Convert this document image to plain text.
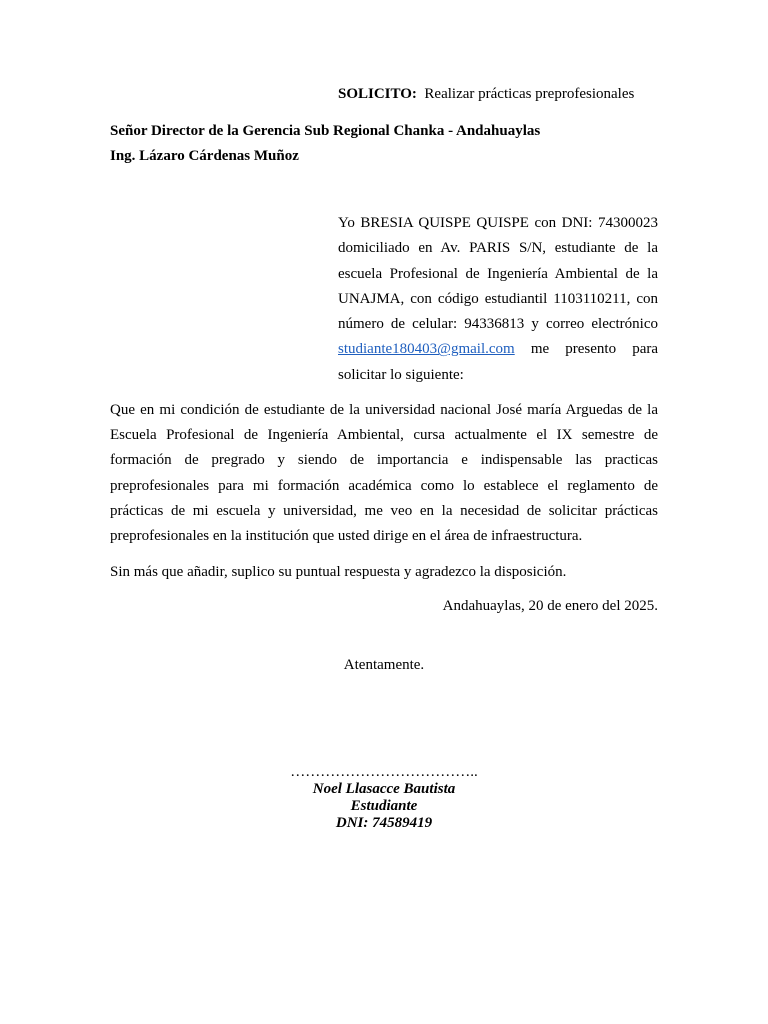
SOLICITO: Realizar prácticas preprofesionales
Señor Director de la Gerencia Sub Regional Chanka - Andahuaylas
Ing. Lázaro Cárdenas Muñoz
Yo BRESIA QUISPE QUISPE con DNI: 74300023 domiciliado en Av. PARIS S/N, estudiante de la escuela Profesional de Ingeniería Ambiental de la UNAJMA, con código estudiantil 1103110211, con número de celular: 94336813 y correo electrónico studiante180403@gmail.com me presento para solicitar lo siguiente:
Que en mi condición de estudiante de la universidad nacional José maría Arguedas de la Escuela Profesional de Ingeniería Ambiental, cursa actualmente el IX semestre de formación de pregrado y siendo de importancia e indispensable las practicas preprofesionales para mi formación académica como lo establece el reglamento de prácticas de mi escuela y universidad, me veo en la necesidad de solicitar prácticas preprofesionales en la institución que usted dirige en el área de infraestructura.
Sin más que añadir, suplico su puntual respuesta y agradezco la disposición.
Andahuaylas, 20 de enero del 2025.
Atentamente.
………………………………..
Noel Llasacce Bautista
Estudiante
DNI: 74589419
